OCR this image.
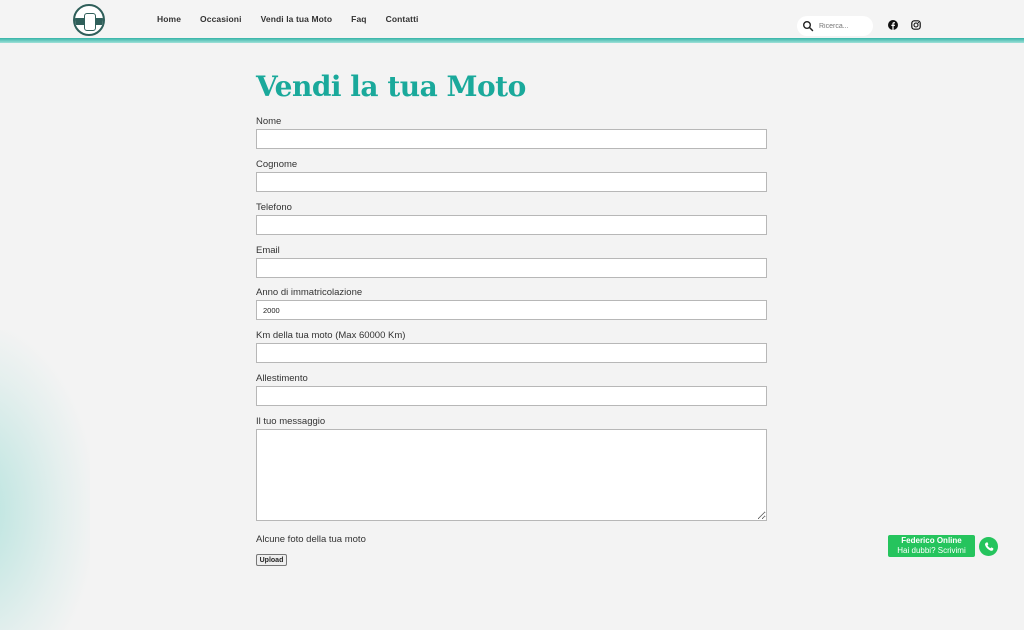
Home Occasioni Vendi la tua Moto Faq Contatti
Ricerca...
Vendi la tua Moto
Nome
Cognome
Telefono
Email
Anno di immatricolazione
2000
Km della tua moto (Max 60000 Km)
Allestimento
Il tuo messaggio
Alcune foto della tua moto
Upload
Federico Online
Hai dubbi? Scrivimi
